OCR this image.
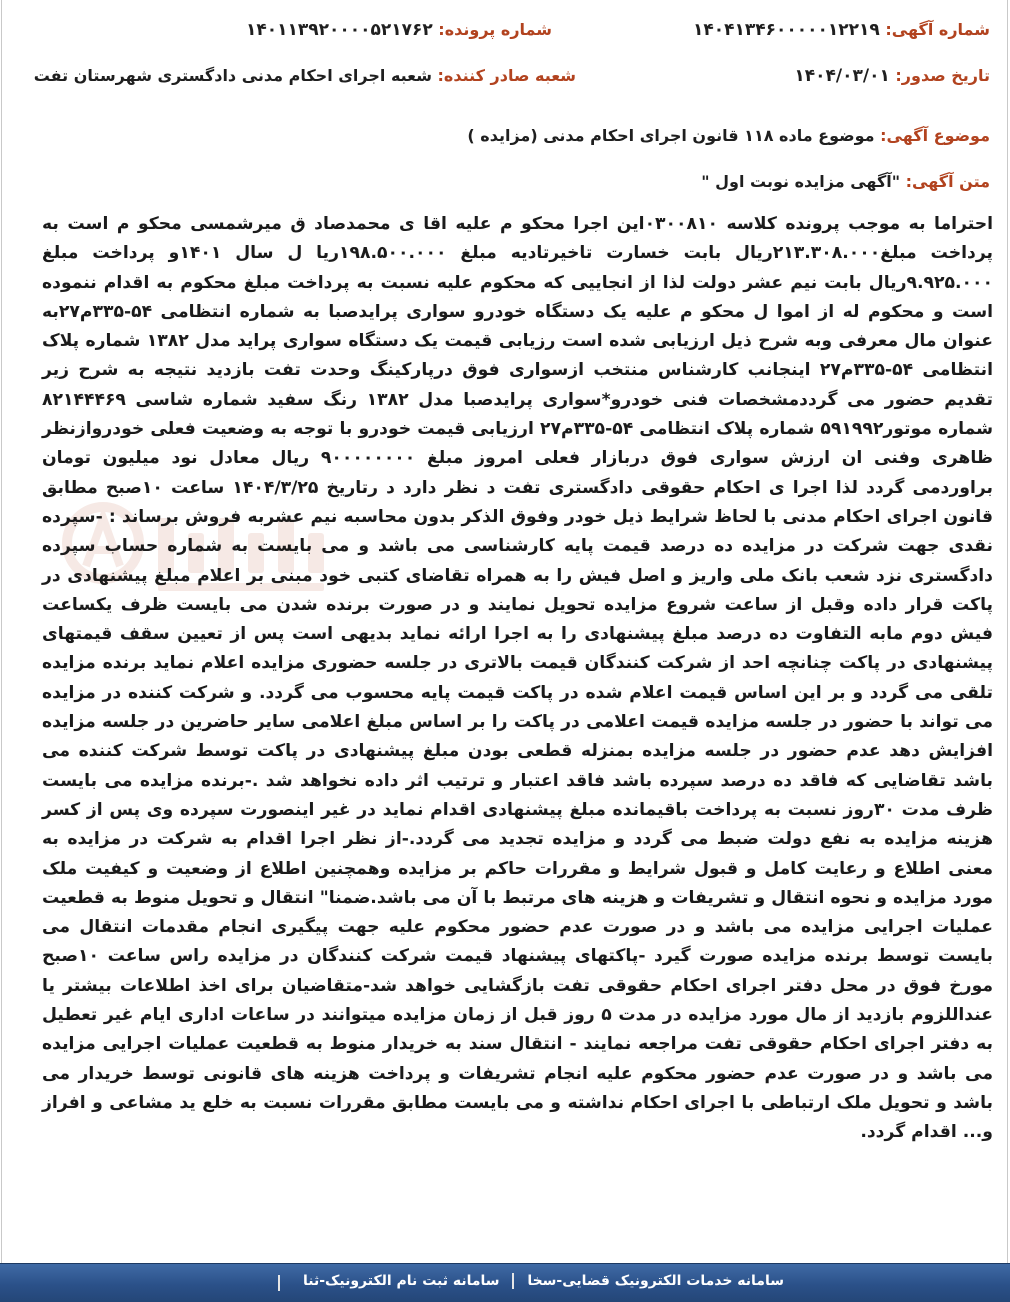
شماره آگهی: ۱۴۰۴۱۳۴۶۰۰۰۰۰۱۲۲۱۹
شماره پرونده: ۱۴۰۱۱۳۹۲۰۰۰۰۵۲۱۷۶۲
تاریخ صدور: ۱۴۰۴/۰۳/۰۱
شعبه صادر کننده: شعبه اجرای احکام مدنی دادگستری شهرستان تفت
موضوع آگهی: موضوع ماده ۱۱۸ قانون اجرای احکام مدنی (مزایده )
متن آگهی: "آگهی مزایده نوبت اول "
احتراما به موجب پرونده کلاسه ۰۳۰۰۸۱۰این اجرا محکو م علیه اقا ی محمدصاد ق میرشمسی محکو م است به پرداخت مبلغ۲۱۳.۳۰۸.۰۰۰ریال بابت خسارت تاخیرتادیه مبلغ ۱۹۸.۵۰۰.۰۰۰ریا ل سال ۱۴۰۱و پرداخت مبلغ ۹.۹۲۵.۰۰۰ریال بابت نیم عشر دولت لذا از انجاییی که محکوم علیه نسبت به پرداخت مبلغ محکوم به اقدام ننموده است و محکوم له از اموا ل محکو م علیه یک دستگاه خودرو سواری پرایدصبا به شماره انتظامی ۵۴-۳۳۵م۲۷به عنوان مال معرفی وبه شرح ذیل ارزیابی شده است رزیابی قیمت یک دستگاه سواری پراید مدل ۱۳۸۲ شماره پلاک انتظامی ۵۴-۳۳۵م۲۷ اینجانب کارشناس منتخب ازسواری فوق درپارکینگ وحدت تفت بازدید نتیجه به شرح زیر تقدیم حضور می گرددمشخصات فنی خودرو*سواری پرایدصبا مدل ۱۳۸۲ رنگ سفید شماره شاسی ۸۲۱۴۴۴۶۹ شماره موتور۵۹۱۹۹۲ شماره پلاک انتظامی ۵۴-۳۳۵م۲۷ ارزیابی قیمت خودرو با توجه به وضعیت فعلی خودروازنظر ظاهری وفنی ان ارزش سواری فوق دربازار فعلی امروز مبلغ ۹۰۰۰۰۰۰۰۰ ریال معادل نود میلیون تومان براوردمی گردد لذا اجرا ی احکام حقوقی دادگستری تفت د نظر دارد د رتاریخ ۱۴۰۴/۳/۲۵ ساعت ۱۰صبح مطابق قانون اجرای احکام مدنی با لحاظ شرایط ذیل خودر وفوق الذکر بدون محاسبه نیم عشربه فروش برساند : -سپرده نقدی جهت شرکت در مزایده ده درصد قیمت پایه کارشناسی می باشد و می بایست به شماره حساب سپرده دادگستری نزد شعب بانک ملی واریز و اصل فیش را به همراه تقاضای کتبی خود مبنی بر اعلام مبلغ پیشنهادی در پاکت قرار داده وقبل از ساعت شروع مزایده تحویل نمایند و در صورت برنده شدن می بایست ظرف یکساعت فیش دوم مابه التفاوت ده درصد مبلغ پیشنهادی را به اجرا ارائه نماید بدیهی است پس از تعیین سقف قیمتهای پیشنهادی در پاکت چنانچه احد از شرکت کنندگان قیمت بالاتری در جلسه حضوری مزایده اعلام نماید برنده مزایده تلقی می گردد و بر این اساس قیمت اعلام شده در پاکت قیمت پایه محسوب می گردد. و شرکت کننده در مزایده می تواند با حضور در جلسه مزایده قیمت اعلامی در پاکت را بر اساس مبلغ اعلامی سایر حاضرین در جلسه مزایده افزایش دهد عدم حضور در جلسه مزایده بمنزله قطعی بودن مبلغ پیشنهادی در پاکت توسط شرکت کننده می باشد تقاضایی که فاقد ده درصد سپرده باشد فاقد اعتبار و ترتیب اثر داده نخواهد شد .-برنده مزایده می بایست ظرف مدت ۳۰روز نسبت به پرداخت باقیمانده مبلغ پیشنهادی اقدام نماید در غیر اینصورت سپرده وی پس از کسر هزینه مزایده به نفع دولت ضبط می گردد و مزایده تجدید می گردد.-از نظر اجرا اقدام به شرکت در مزایده به معنی اطلاع و رعایت کامل و قبول شرایط و مقررات حاکم بر مزایده وهمچنین اطلاع از وضعیت و کیفیت ملک مورد مزایده و نحوه انتقال و تشریفات و هزینه های مرتبط با آن می باشد.ضمنا" انتقال و تحویل منوط به قطعیت عملیات اجرایی مزایده می باشد و در صورت عدم حضور محکوم علیه جهت پیگیری انجام مقدمات انتقال می بایست توسط برنده مزایده صورت گیرد -پاکتهای پیشنهاد قیمت شرکت کنندگان در مزایده راس ساعت ۱۰صبح مورخ فوق در محل دفتر اجرای احکام حقوقی تفت بازگشایی خواهد شد-متقاضیان برای اخذ اطلاعات بیشتر یا عنداللزوم بازدید از مال مورد مزایده در مدت ۵ روز قبل از زمان مزایده میتوانند در ساعات اداری ایام غیر تعطیل به دفتر اجرای احکام حقوقی تفت مراجعه نمایند - انتقال سند به خریدار منوط به قطعیت عملیات اجرایی مزایده می باشد و در صورت عدم حضور محکوم علیه انجام تشریفات و پرداخت هزینه های قانونی توسط خریدار می باشد و تحویل ملک ارتباطی با اجرای احکام نداشته و می بایست مطابق مقررات نسبت به خلع ید مشاعی و افراز و... اقدام گردد.
سامانه خدمات الکترونیک قضایی-سخا  سامانه ثبت نام الکترونیک-ثنا
